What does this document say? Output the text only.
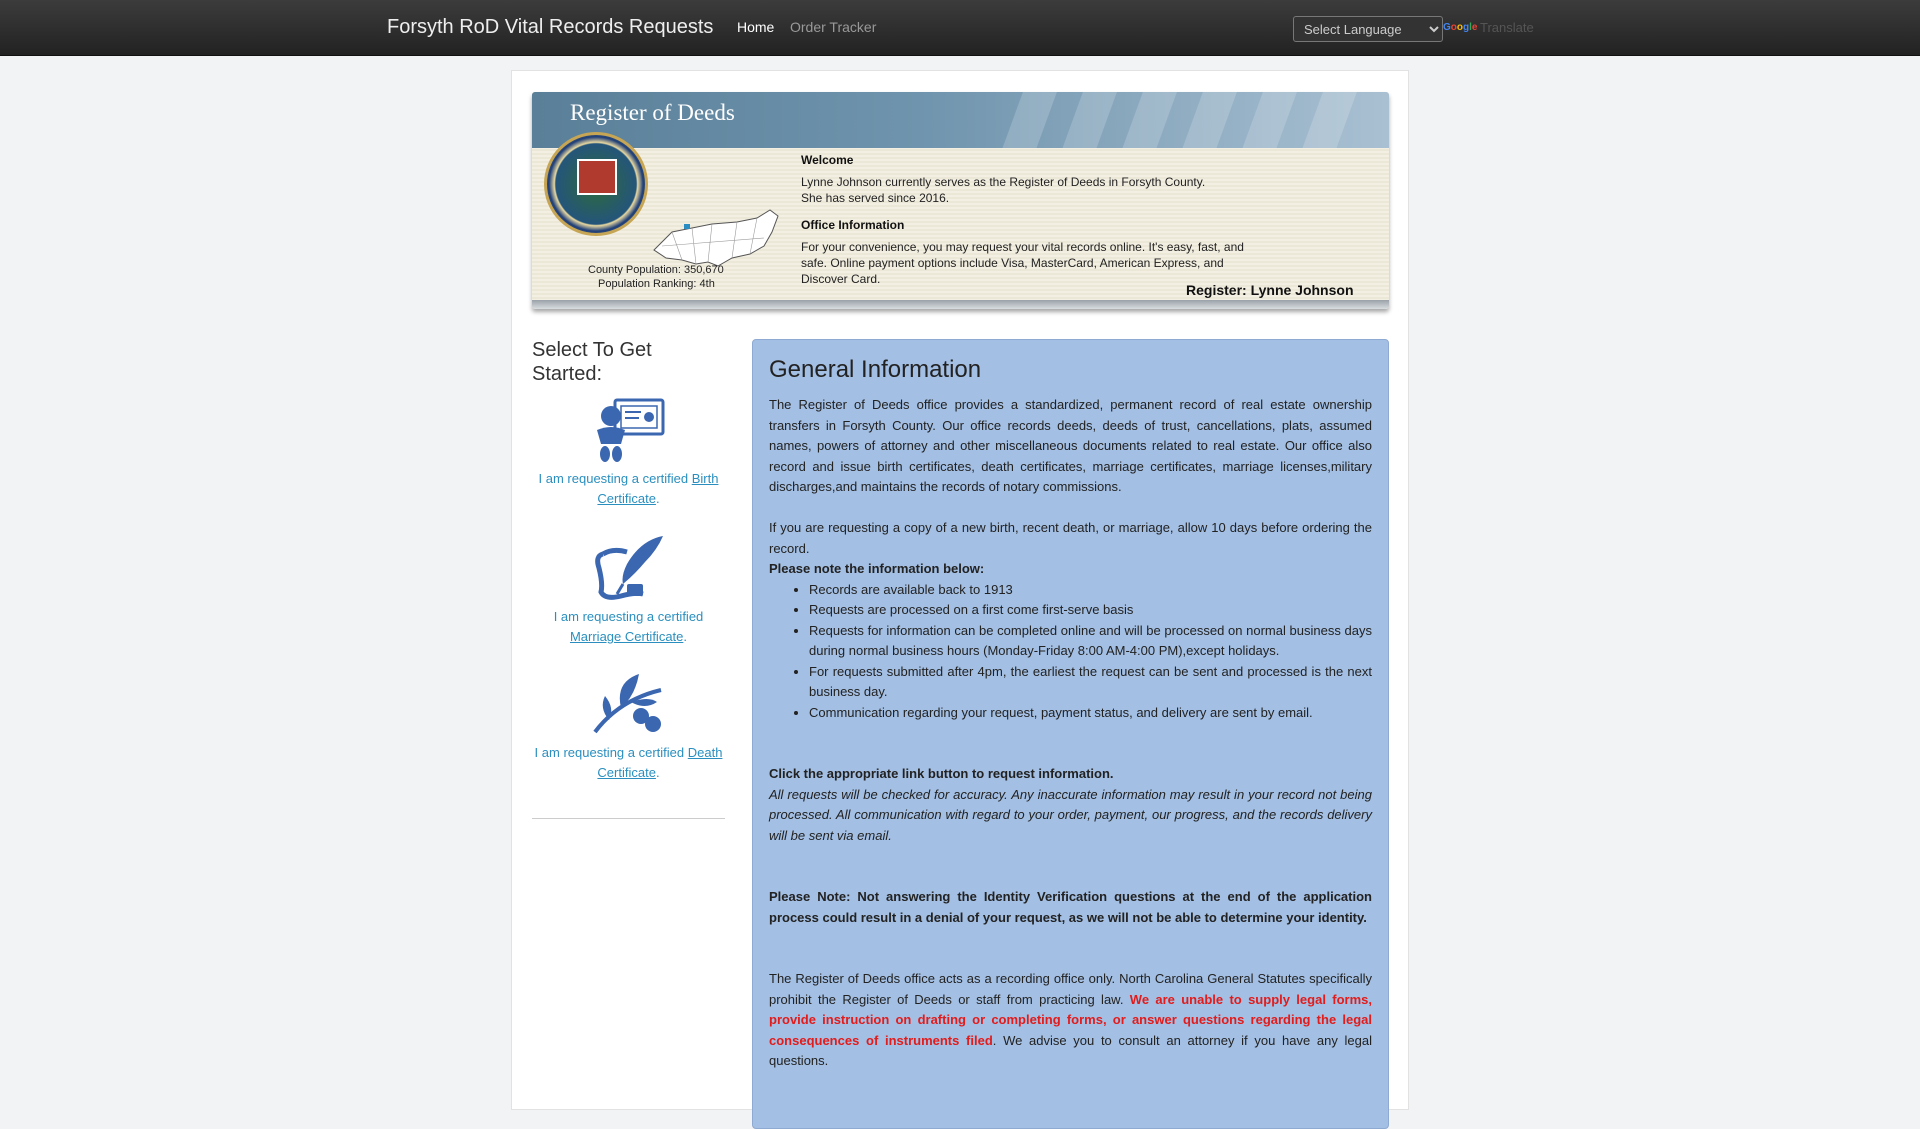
Forsyth RoD Vital Records Requests Home Order Tracker
Select Language	Google Translate
Register of Deeds
County Population: 350,670
Population Ranking: 4th
Welcome
Lynne Johnson currently serves as the Register of Deeds in Forsyth County. She has served since 2016.
Office Information
For your convenience, you may request your vital records online. It's easy, fast, and safe. Online payment options include Visa, MasterCard, American Express, and Discover Card.
Register: Lynne Johnson
Select To Get Started:
I am requesting a certified Birth Certificate.
I am requesting a certified Marriage Certificate.
I am requesting a certified Death Certificate.
General Information

The Register of Deeds office provides a standardized, permanent record of real estate ownership transfers in Forsyth County. Our office records deeds, deeds of trust, cancellations, plats, assumed names, powers of attorney and other miscellaneous documents related to real estate. Our office also record and issue birth certificates, death certificates, marriage certificates, marriage licenses,military discharges,and maintains the records of notary commissions.

If you are requesting a copy of a new birth, recent death, or marriage, allow 10 days before ordering the record.

Please note the information below:

• Records are available back to 1913
• Requests are processed on a first come first-serve basis
• Requests for information can be completed online and will be processed on normal business days during normal business hours (Monday-Friday 8:00 AM-4:00 PM),except holidays.
• For requests submitted after 4pm, the earliest the request can be sent and processed is the next business day.
• Communication regarding your request, payment status, and delivery are sent by email.

Click the appropriate link button to request information.

All requests will be checked for accuracy. Any inaccurate information may result in your record not being processed. All communication with regard to your order, payment, our progress, and the records delivery will be sent via email.

Please Note: Not answering the Identity Verification questions at the end of the application process could result in a denial of your request, as we will not be able to determine your identity.

The Register of Deeds office acts as a recording office only. North Carolina General Statutes specifically prohibit the Register of Deeds or staff from practicing law. We are unable to supply legal forms, provide instruction on drafting or completing forms, or answer questions regarding the legal consequences of instruments filed. We advise you to consult an attorney if you have any legal questions.
